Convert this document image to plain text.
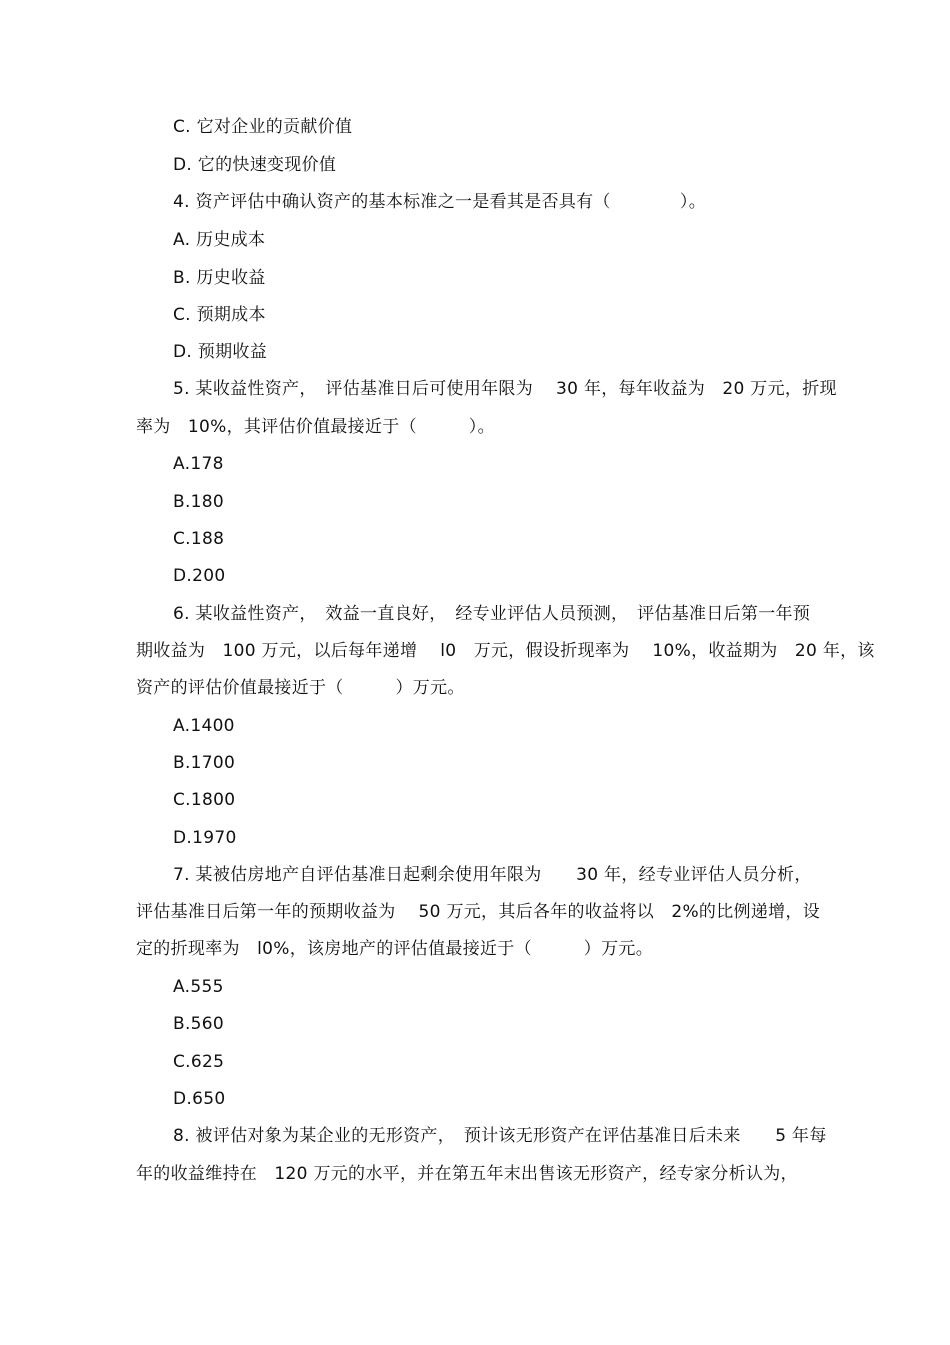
C. 它对企业的贡献价值
D. 它的快速变现价值
4. 资产评估中确认资产的基本标准之一是看其是否具有（　　　　）。
A. 历史成本
B. 历史收益
C. 预期成本
D. 预期收益
5. 某收益性资产，　评估基准日后可使用年限为　 30 年，每年收益为　20 万元，折现
率为　10%，其评估价值最接近于（　　　）。
A.178
B.180
C.188
D.200
6. 某收益性资产，　效益一直良好，　经专业评估人员预测，　评估基准日后第一年预
期收益为　100 万元，以后每年递增　 l0　万元，假设折现率为　 10%，收益期为　20 年，该
资产的评估价值最接近于（　　　）万元。
A.1400
B.1700
C.1800
D.1970
7. 某被估房地产自评估基准日起剩余使用年限为　　30 年，经专业评估人员分析，
评估基准日后第一年的预期收益为　 50 万元，其后各年的收益将以　2%的比例递增，设
定的折现率为　l0%，该房地产的评估值最接近于（　　　）万元。
A.555
B.560
C.625
D.650
8. 被评估对象为某企业的无形资产，　预计该无形资产在评估基准日后未来　　5 年每
年的收益维持在　120 万元的水平，并在第五年末出售该无形资产，经专家分析认为，
